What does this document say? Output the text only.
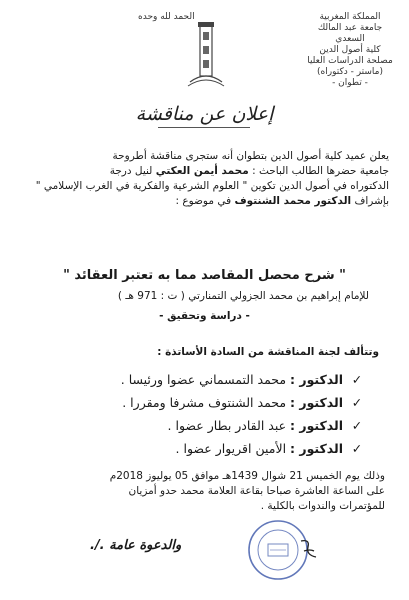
المملكة المغربية
جامعة عبد المالك السعدي
كلية أصول الدين
مصلحة الدراسات العليا
(ماستر - دكتوراه)
- تطوان -
الحمد لله وحده
إعلان عن مناقشة
يعلن عميد كلية أصول الدين بتطوان أنه ستجرى مناقشة أطروحة
جامعية حضرها الطالب الباحث : محمد أيمن العكتي لنيل درجة
الدكتوراه في أصول الدين تكوين " العلوم الشرعية والفكرية في الغرب الإسلامي "
بإشراف الدكتور محمد الشنتوف في موضوع :
" شرح محصل المقاصد مما به تعتبر العقائد "
للإمام إبراهيم بن محمد الجزولي التمنارتي ( ت : 971 هـ )
- دراسة وتحقيق -
وتتألف لجنة المناقشة من السادة الأساتذة :
✓ الدكتور : محمد التمسماني عضوا ورئيسا .
✓ الدكتور : محمد الشنتوف مشرفا ومقررا .
✓ الدكتور : عبد القادر بطار عضوا .
✓ الدكتور : الأمين اقريوار عضوا .
وذلك يوم الخميس 21 شوال 1439هـ موافق 05 يوليوز 2018م
على الساعة العاشرة صباحا بقاعة العلامة محمد حدو أمزيان
للمؤتمرات والندوات بالكلية .
والدعوة عامة ./.
